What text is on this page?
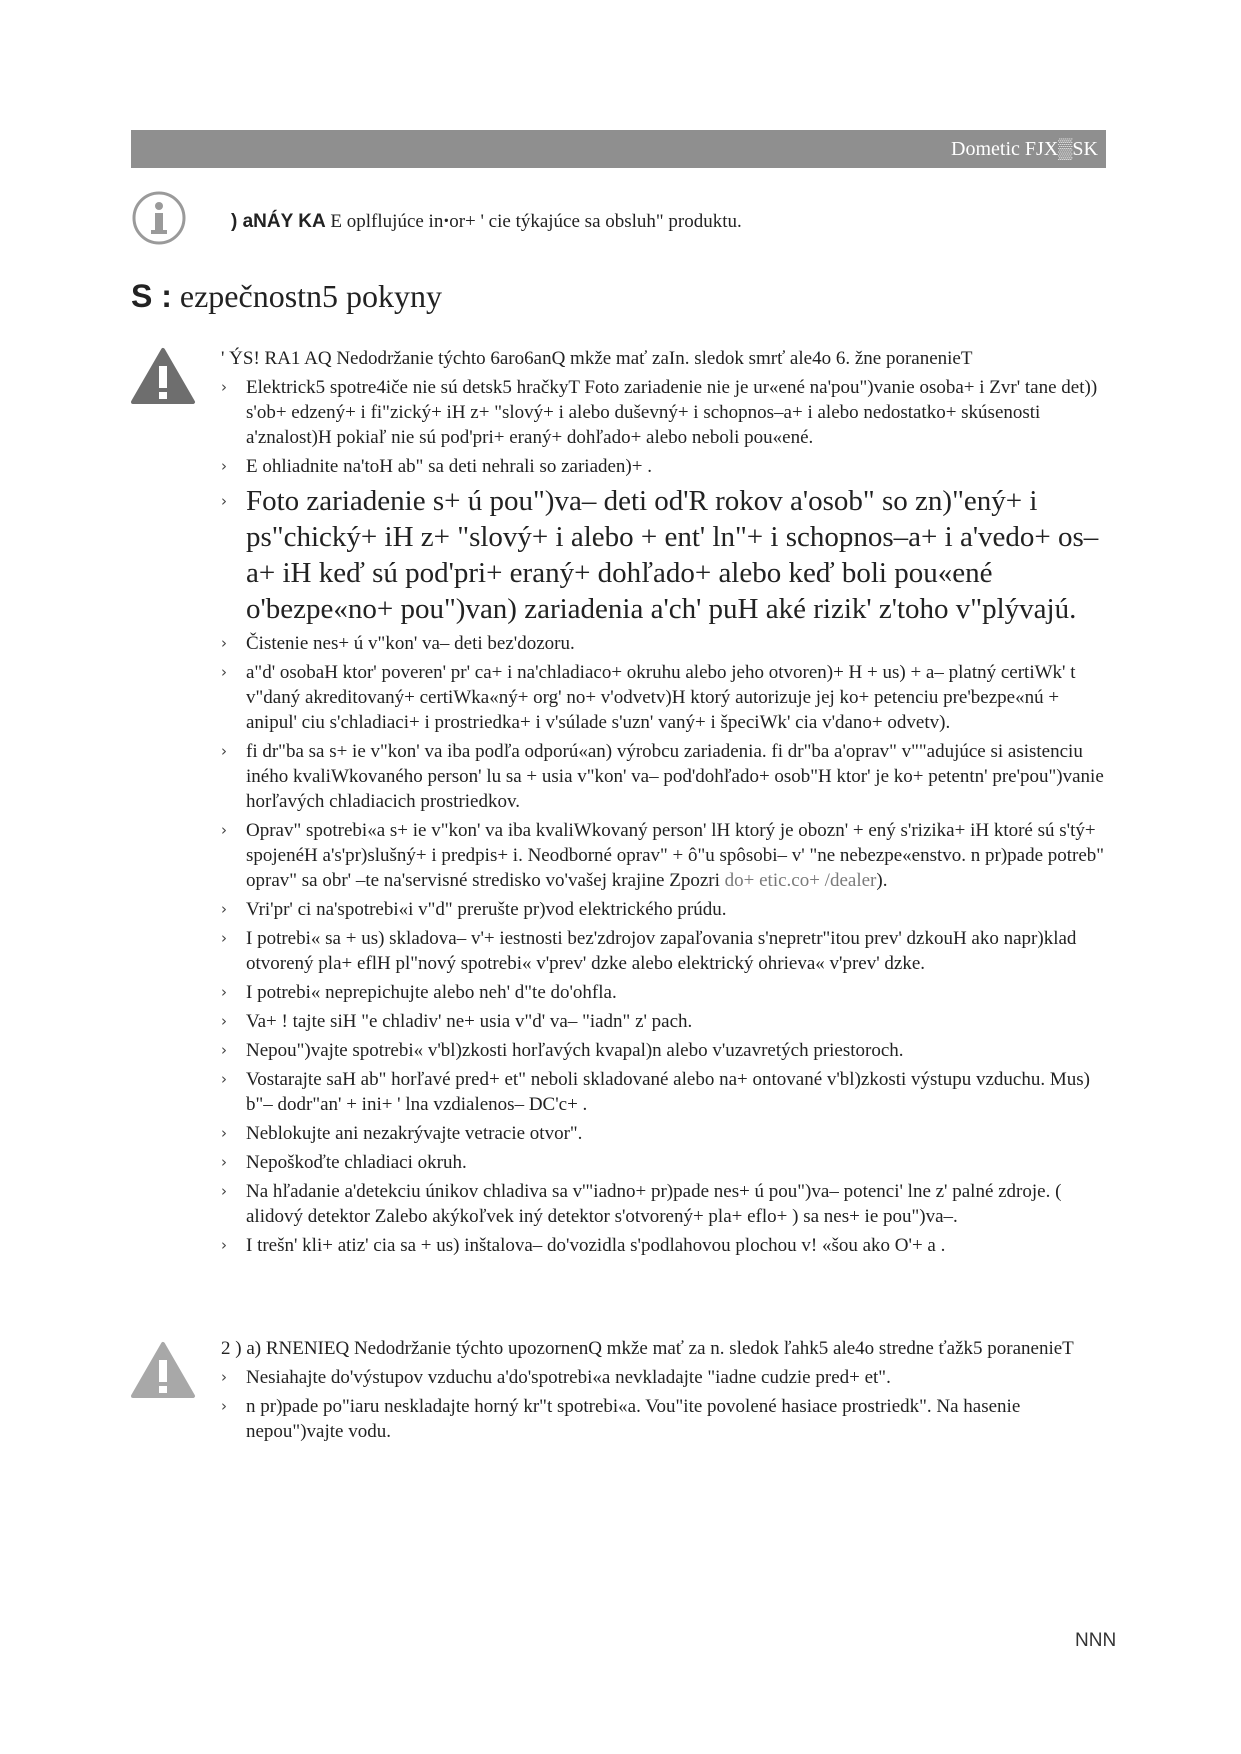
Dometic FJX▒SK
) aNÁY KA E oplflujúce inꞏor+ ' cie týkajúce sa obsluh" produktu.
S : ezpečnostn5 pokyny
' ÝS! RA1 AQ Nedodržanie týchto 6aro6anQ mkže mať zaIn. sledok smrť ale4o 6. žne poranenieT
› Elektrick5 spotre4iče nie sú detsk5 hračkyT Foto zariadenie nie je ur«ené na'pou")vanie osoba+ i Zvr' tane det)) s'ob+ edzený+ i fi"zický+ iH z+ "slový+ i alebo duševný+ i schopnos–a+ i alebo nedostatko+ skúsenosti a'znalost)H pokiaľ nie sú pod'pri+ eraný+ dohľado+ alebo neboli pou«ené.
› E ohliadnite na'toH ab" sa deti nehrali so zariaden)+ .
› Foto zariadenie s+ ú pou")va– deti od'R rokov a'osob" so zn)"ený+ i ps"chický+ iH z+ "slový+ i alebo + ent' ln"+ i schopnos–a+ i a'vedo+ os–a+ iH keď sú pod'pri+ eraný+ dohľado+ alebo keď boli pou«ené o'bezpe«no+ pou")van) zariadenia a'ch' puH aké rizik' z'toho v"plývajú.
› Čistenie nes+ ú v"kon' va– deti bez'dozoru.
› a"d' osobaH ktor' poveren' pr' ca+ i na'chladiaco+ okruhu alebo jeho otvoren)+ H + us) + a– platný certiWk' t v"daný akreditovaný+ certiWka«ný+ org' no+ v'odvetv)H ktorý autorizuje jej ko+ petenciu pre'bezpe«nú + anipul' ciu s'chladiaci+ i prostriedka+ i v'súlade s'uzn' vaný+ i špeciWk' cia v'dano+ odvetv).
› fi dr"ba sa s+ ie v"kon' va iba podľa odporú«an) výrobcu zariadenia. fi dr"ba a'oprav" v""adujúce si asistenciu iného kvaliWkovaného person' lu sa + usia v"kon' va– pod'dohľado+ osob"H ktor' je ko+ petentn' pre'pou")vanie horľavých chladiacich prostriedkov.
› Oprav" spotrebi«a s+ ie v"kon' va iba kvaliWkovaný person' lH ktorý je obozn' + ený s'rizika+ iH ktoré sú s'tý+ spojenéH a's'pr)slušný+ i predpis+ i. Neodborné oprav" + ô"u spôsobi– v' "ne nebezpe«enstvo. n pr)pade potreb" oprav" sa obr' –te na'servisné stredisko vo'vašej krajine Zpozri do+ etic.co+ /dealer).
› Vri'pr' ci na'spotrebi«i v"d" prerušte pr)vod elektrického prúdu.
› I potrebi« sa + us) skladova– v'+ iestnosti bez'zdrojov zapaľovania s'nepretr"itou prev' dzkouH ako napr)klad otvorený pla+ eflH pl"nový spotrebi« v'prev' dzke alebo elektrický ohrieva« v'prev' dzke.
› I potrebi« neprepichujte alebo neh' d"te do'ohfla.
› Va+ ! tajte siH "e chladiv' ne+ usia v"d' va– "iadn" z' pach.
› Nepou")vajte spotrebi« v'bl)zkosti horľavých kvapal)n alebo v'uzavretých priestoroch.
› Vostarajte saH ab" horľavé pred+ et" neboli skladované alebo na+ ontované v'bl)zkosti výstupu vzduchu. Mus) b"– dodr"an' + ini+ ' lna vzdialenos– DC'c+ .
› Neblokujte ani nezakrývajte vetracie otvor".
› Nepoškoďte chladiaci okruh.
› Na hľadanie a'detekciu únikov chladiva sa v'"iadno+ pr)pade nes+ ú pou")va– potenci' lne z' palné zdroje. ( alidový detektor Zalebo akýkoľvek iný detektor s'otvorený+ pla+ eflo+ ) sa nes+ ie pou")va–.
› I trešn' kli+ atiz' cia sa + us) inštalova– do'vozidla s'podlahovou plochou v! «šou ako O'+ a .
2 ) a) RNENIEQ Nedodržanie týchto upozornenQ mkže mať za n. sledok ľahk5 ale4o stredne ťažk5 poranenieT
› Nesiahajte do'výstupov vzduchu a'do'spotrebi«a nevkladajte "iadne cudzie pred+ et".
› n pr)pade po"iaru neskladajte horný kr"t spotrebi«a. Vou"ite povolené hasiace prostriedk". Na hasenie nepou")vajte vodu.
NNN
